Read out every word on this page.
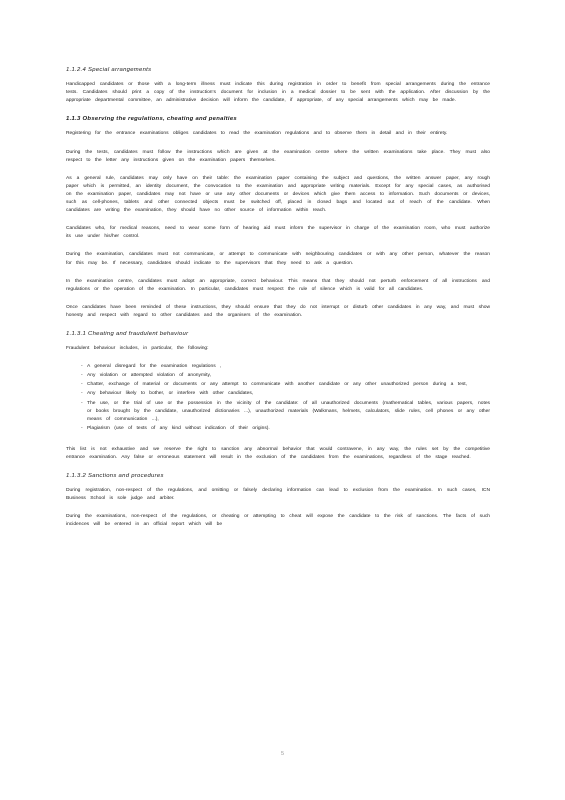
1.1.2.4 Special arrangements

Handicapped candidates or those with a long-term illness must indicate this during registration in order to benefit from special arrangements during the entrance tests. Candidates should print a copy of the instruction's document for inclusion in a medical dossier to be sent with the application. After discussion by the appropriate departmental committee, an administrative decision will inform the candidate, if appropriate, of any special arrangements which may be made.

1.1.3 Observing the regulations, cheating and penalties

Registering for the entrance examinations obliges candidates to read the examination regulations and to observe them in detail and in their entirety.

During the tests, candidates must follow the instructions which are given at the examination centre where the written examinations take place. They must also respect to the letter any instructions given on the examination papers themselves.

As a general rule, candidates may only have on their table: the examination paper containing the subject and questions, the written answer paper, any rough paper which is permitted, an identity document, the convocation to the examination and appropriate writing materials. Except for any special cases, as authorised on the examination paper, candidates may not have or use any other documents or devices which give them access to information. Such documents or devices, such as cell-phones, tablets and other connected objects must be switched off, placed in closed bags and located out of reach of the candidate. When candidates are writing the examination, they should have no other source of information within reach.

Candidates who, for medical reasons, need to wear some form of hearing aid must inform the supervisor in charge of the examination room, who must authorize its use under his/her control.

During the examination, candidates must not communicate, or attempt to communicate with neighbouring candidates or with any other person, whatever the reason for this may be. If necessary, candidates should indicate to the supervisors that they need to ask a question.

In the examination centre, candidates must adopt an appropriate, correct behaviour. This means that they should not perturb enforcement of all instructions and regulations or the operation of the examination. In particular, candidates must respect the rule of silence which is valid for all candidates.

Once candidates have been reminded of these instructions, they should ensure that they do not interrupt or disturb other candidates in any way, and must show honesty and respect with regard to other candidates and the organisers of the examination.

1.1.3.1 Cheating and fraudulent behaviour

Fraudulent behaviour includes, in particular, the following:

- A general disregard for the examination regulations ,
- Any violation or attempted violation of anonymity,
- Chatter, exchange of material or documents or any attempt to communicate with another candidate or any other unauthorized person during a test,
- Any behaviour likely to bother, or interfere with other candidates,
- The use, or the trial of use or the possession in the vicinity of the candidate: of all unauthorized documents (mathematical tables, various papers, notes or books brought by the candidate, unauthorized dictionaries ...), unauthorized materials (Walkmans, helmets, calculators, slide rules, cell phones or any other means of communication ...),
- Plagiarism (use of texts of any kind without indication of their origins).

This list is not exhaustive and we reserve the right to sanction any abnormal behavior that would contravene, in any way, the rules set by the competitive entrance examination. Any false or erroneous statement will result in the exclusion of the candidates from the examinations, regardless of the stage reached.

1.1.3.2 Sanctions and procedures

During registration, non-respect of the regulations, and omitting or falsely declaring information can lead to exclusion from the examination. In such cases, ICN Business School is sole judge and arbiter.

During the examinations, non-respect of the regulations, or cheating or attempting to cheat will expose the candidate to the risk of sanctions. The facts of such incidences will be entered in an official report which will be

5
